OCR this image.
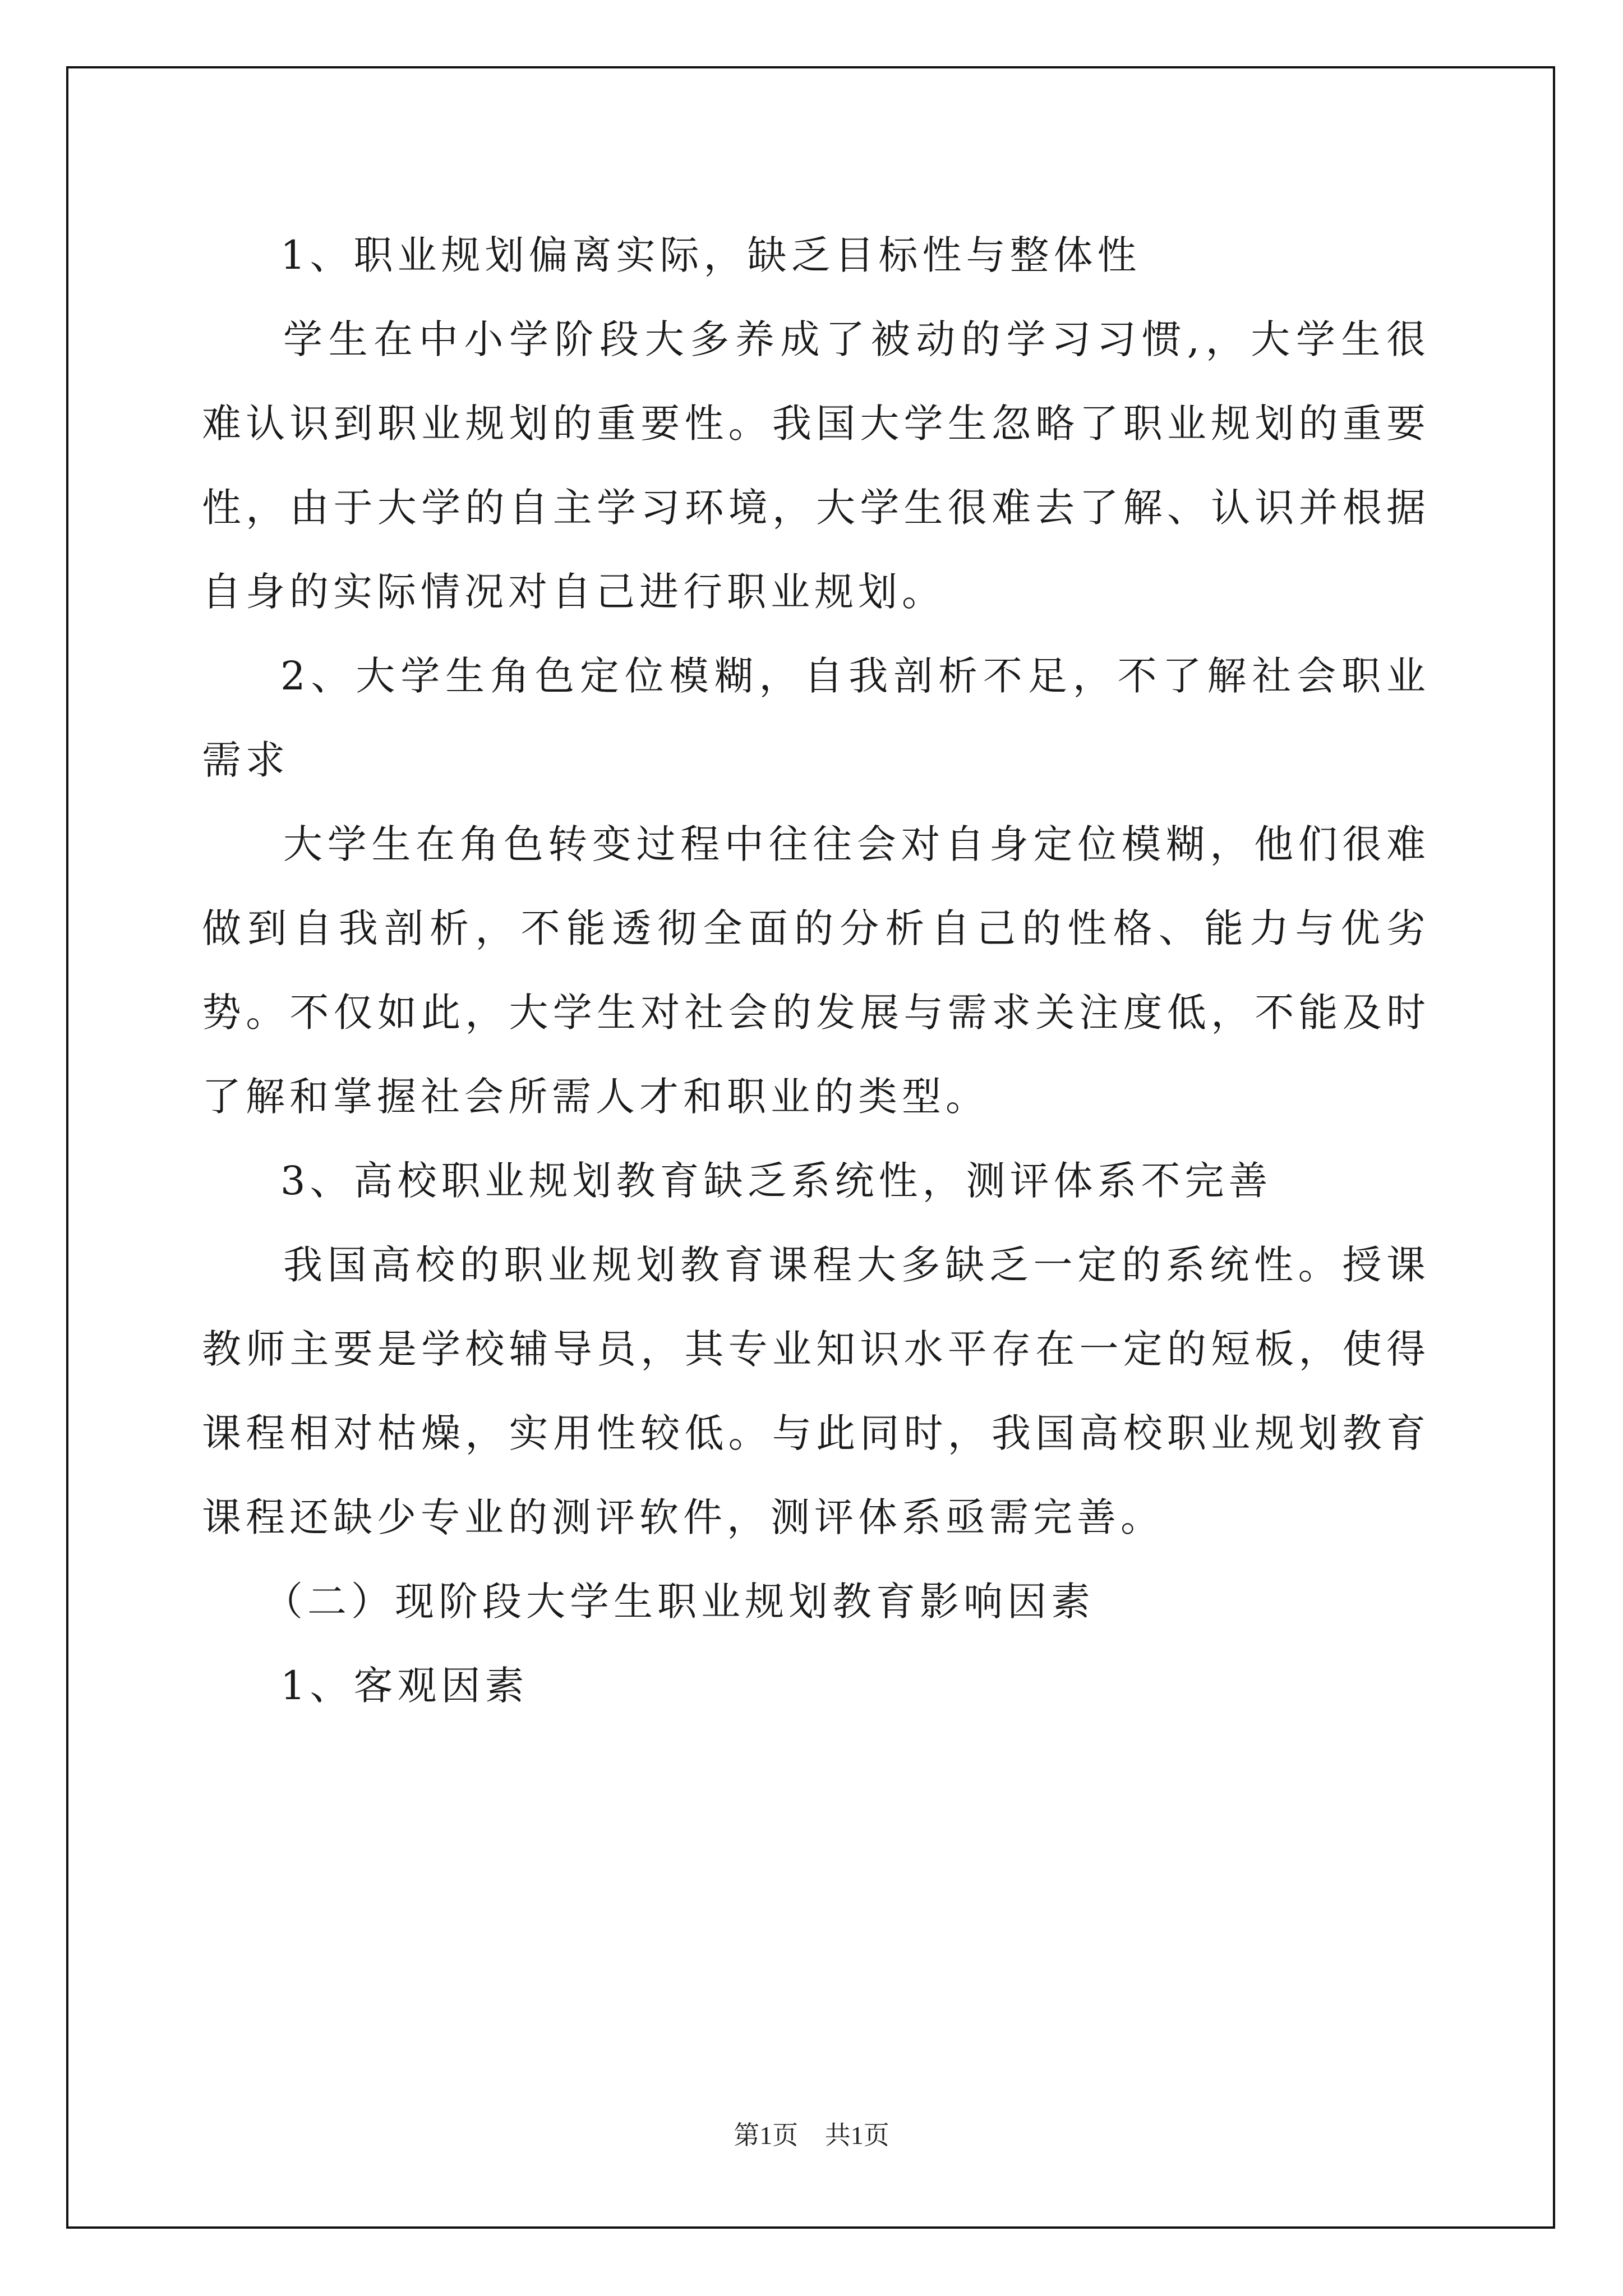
1、职业规划偏离实际，缺乏目标性与整体性

学生在中小学阶段大多养成了被动的学习习惯,，大学生很难认识到职业规划的重要性。我国大学生忽略了职业规划的重要性，由于大学的自主学习环境，大学生很难去了解、认识并根据自身的实际情况对自己进行职业规划。

2、大学生角色定位模糊，自我剖析不足，不了解社会职业需求

大学生在角色转变过程中往往会对自身定位模糊，他们很难做到自我剖析，不能透彻全面的分析自己的性格、能力与优劣势。不仅如此，大学生对社会的发展与需求关注度低，不能及时了解和掌握社会所需人才和职业的类型。

3、高校职业规划教育缺乏系统性，测评体系不完善

我国高校的职业规划教育课程大多缺乏一定的系统性。授课教师主要是学校辅导员，其专业知识水平存在一定的短板，使得课程相对枯燥，实用性较低。与此同时，我国高校职业规划教育课程还缺少专业的测评软件，测评体系亟需完善。

（二）现阶段大学生职业规划教育影响因素

1、客观因素

第1页 共1页
